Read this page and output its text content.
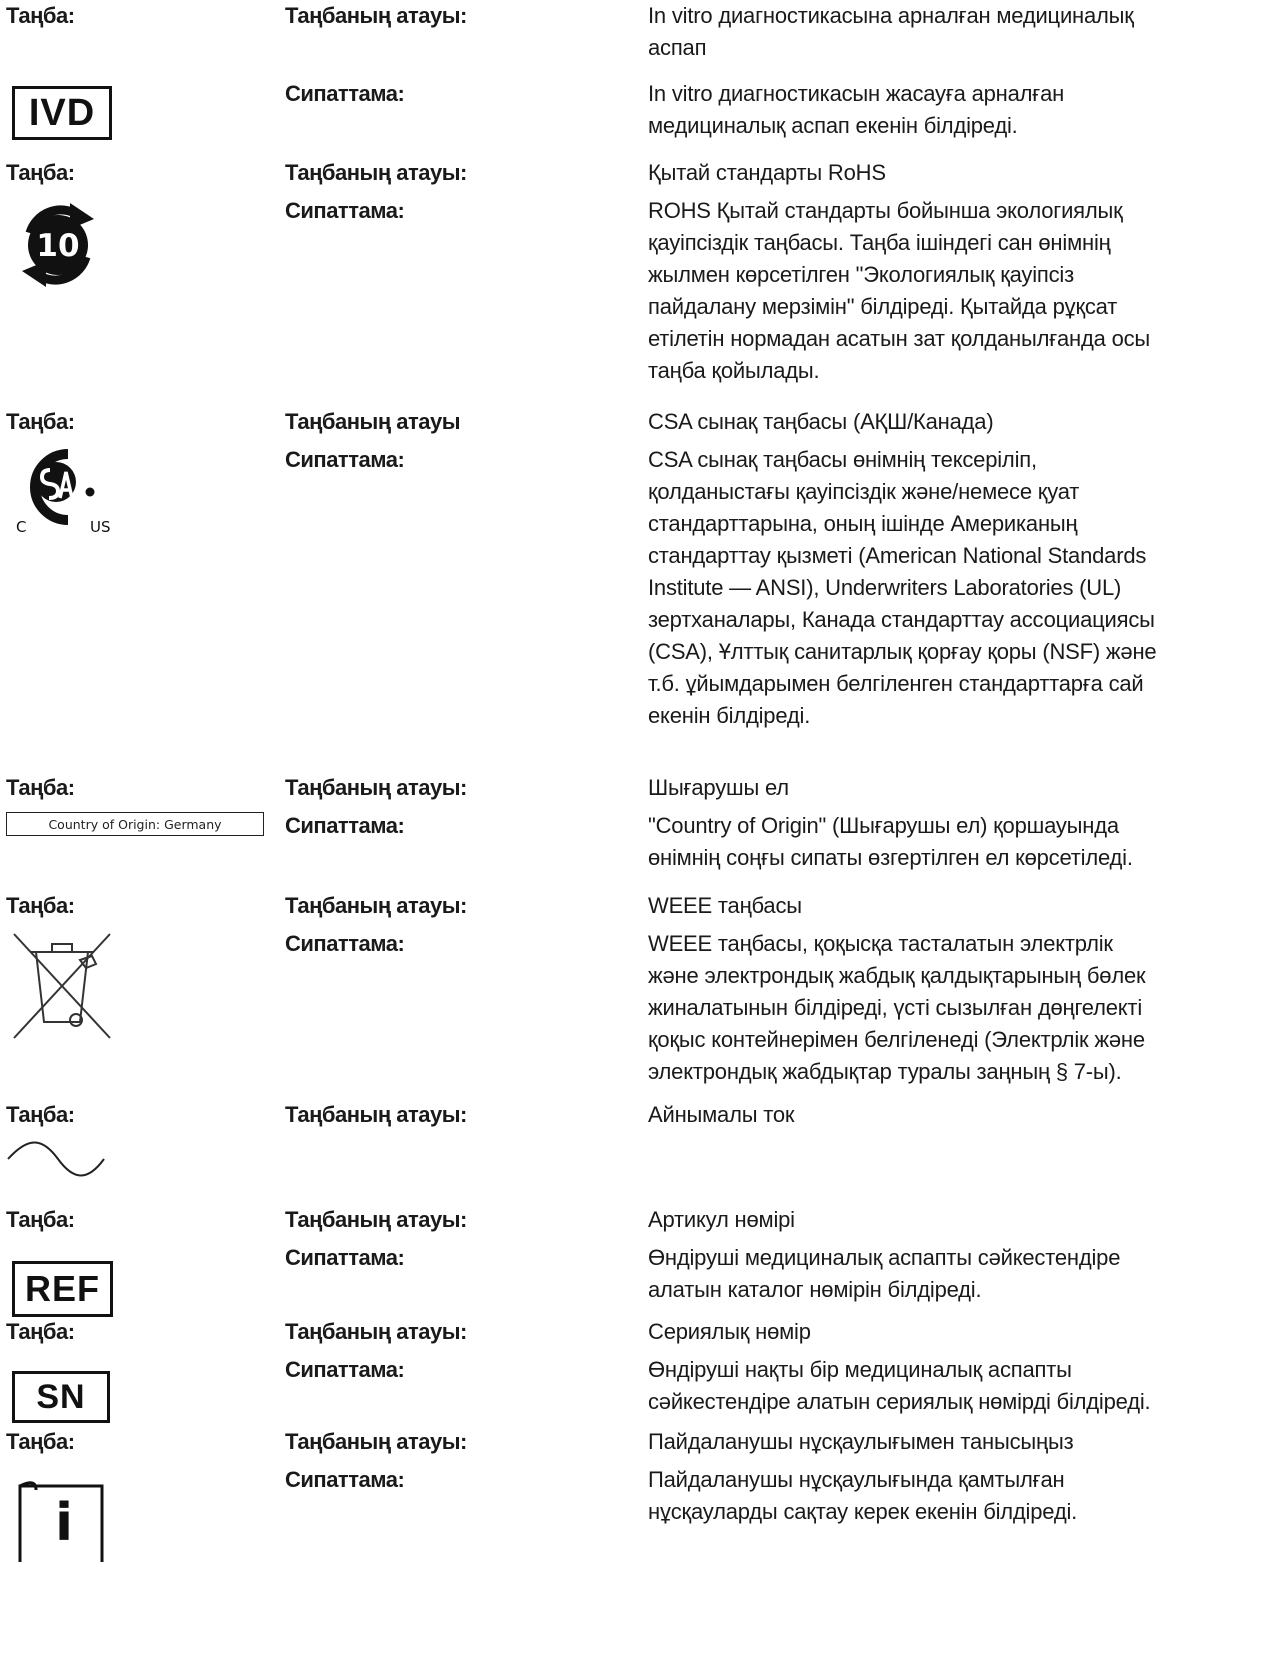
Таңба:	Таңбаның атауы:	In vitro диагностикасына арналған медициналық
аспап
Сипаттама:	In vitro диагностикасын жасауға арналған
медициналық аспап екенін білдіреді.
IVD
Таңба:	Таңбаның атауы:	Қытай стандарты RoHS
Сипаттама:	ROHS Қытай стандарты бойынша экологиялық
қауіпсіздік таңбасы. Таңба ішіндегі сан өнімнің
жылмен көрсетілген "Экологиялық қауіпсіз
пайдалану мерзімін" білдіреді. Қытайда рұқсат
етілетін нормадан асатын зат қолданылғанда осы
таңба қойылады.
10
Таңба:	Таңбаның атауы	CSA сынақ таңбасы (АҚШ/Канада)
Сипаттама:	CSA сынақ таңбасы өнімнің тексеріліп,
қолданыстағы қауіпсіздік және/немесе қуат
стандарттарына, оның ішінде Американың
стандарттау қызметі (American National Standards
Institute — ANSI), Underwriters Laboratories (UL)
зертханалары, Канада стандарттау ассоциациясы
(CSA), Ұлттық санитарлық қорғау қоры (NSF) және
т.б. ұйымдарымен белгіленген стандарттарға сай
екенін білдіреді.
C	US
Таңба:	Таңбаның атауы:	Шығарушы ел
Сипаттама:	"Country of Origin" (Шығарушы ел) қоршауында
өнімнің соңғы сипаты өзгертілген ел көрсетіледі.
Country of Origin: Germany
Таңба:	Таңбаның атауы:	WEEE таңбасы
Сипаттама:	WEEE таңбасы, қоқысқа тасталатын электрлік
және электрондық жабдық қалдықтарының бөлек
жиналатынын білдіреді, үсті сызылған дөңгелекті
қоқыс контейнерімен белгіленеді (Электрлік және
электрондық жабдықтар туралы заңның § 7-ы).
Таңба:	Таңбаның атауы:	Айнымалы ток
Таңба:	Таңбаның атауы:	Артикул нөмірі
Сипаттама:	Өндіруші медициналық аспапты сәйкестендіре
алатын каталог нөмірін білдіреді.
REF
Таңба:	Таңбаның атауы:	Сериялық нөмір
Сипаттама:	Өндіруші нақты бір медициналық аспапты
сәйкестендіре алатын сериялық нөмірді білдіреді.
SN
Таңба:	Таңбаның атауы:	Пайдаланушы нұсқаулығымен танысыңыз
Сипаттама:	Пайдаланушы нұсқаулығында қамтылған
нұсқауларды сақтау керек екенін білдіреді.
i
